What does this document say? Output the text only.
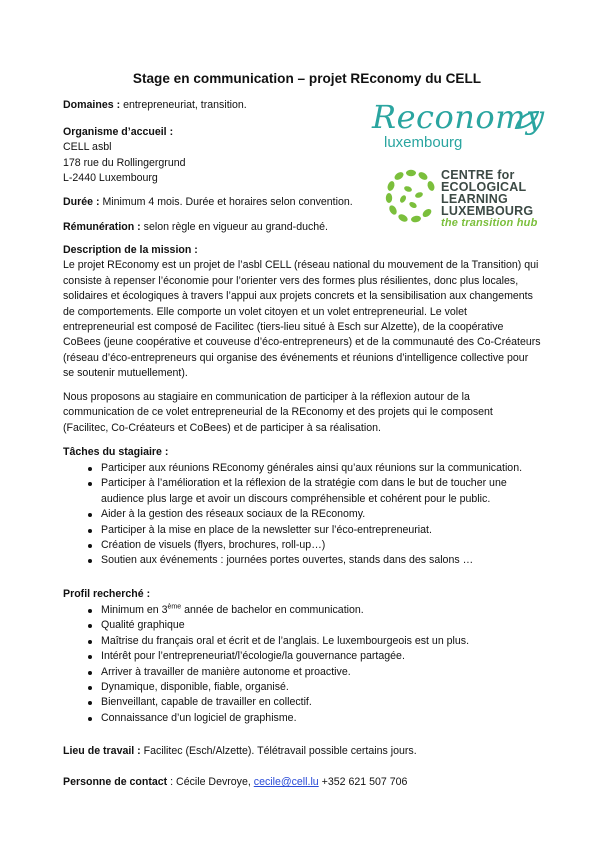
Stage en communication – projet REconomy du CELL
Reconomy
luxembourg
CENTRE for
ECOLOGICAL
LEARNING
LUXEMBOURG
the transition hub
Domaines : entrepreneuriat, transition.
Organisme d’accueil :
CELL asbl
178 rue du Rollingergrund
L-2440 Luxembourg
Durée : Minimum 4 mois. Durée et horaires selon convention.
Rémunération : selon règle en vigueur au grand-duché.
Description de la mission :
Le projet REconomy est un projet de l’asbl CELL (réseau national du mouvement de la Transition) qui
consiste à repenser l’économie pour l’orienter vers des formes plus résilientes, donc plus locales,
solidaires et écologiques à travers l’appui aux projets concrets et la sensibilisation aux changements
de comportements. Elle comporte un volet citoyen et un volet entrepreneurial. Le volet
entrepreneurial est composé de Facilitec (tiers-lieu situé à Esch sur Alzette), de la coopérative
CoBees (jeune coopérative et couveuse d’éco-entrepreneurs) et de la communauté des Co-Créateurs
(réseau d’éco-entrepreneurs qui organise des événements et réunions d’intelligence collective pour
se soutenir mutuellement).
Nous proposons au stagiaire en communication de participer à la réflexion autour de la
communication de ce volet entrepreneurial de la REconomy et des projets qui le composent
(Facilitec, Co-Créateurs et CoBees) et de participer à sa réalisation.
Tâches du stagiaire :
Participer aux réunions REconomy générales ainsi qu’aux réunions sur la communication.
Participer à l’amélioration et la réflexion de la stratégie com dans le but de toucher une
audience plus large et avoir un discours compréhensible et cohérent pour le public.
Aider à la gestion des réseaux sociaux de la REconomy.
Participer à la mise en place de la newsletter sur l’éco-entrepreneuriat.
Création de visuels (flyers, brochures, roll-up…)
Soutien aux événements : journées portes ouvertes, stands dans des salons …
Profil recherché :
Minimum en 3ème année de bachelor en communication.
Qualité graphique
Maîtrise du français oral et écrit et de l’anglais. Le luxembourgeois est un plus.
Intérêt pour l’entrepreneuriat/l’écologie/la gouvernance partagée.
Arriver à travailler de manière autonome et proactive.
Dynamique, disponible, fiable, organisé.
Bienveillant, capable de travailler en collectif.
Connaissance d’un logiciel de graphisme.
Lieu de travail : Facilitec (Esch/Alzette). Télétravail possible certains jours.
Personne de contact : Cécile Devroye, cecile@cell.lu +352 621 507 706
